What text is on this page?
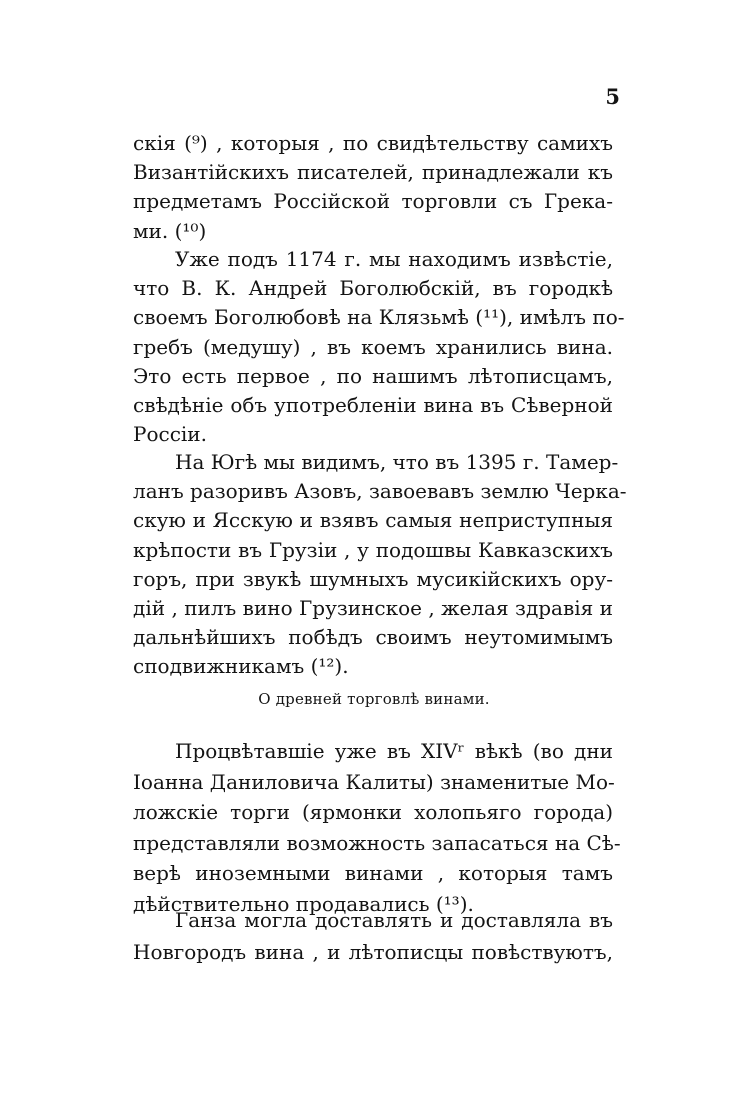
5
скія (⁹) , которыя , по свидѣтельству самихъ
Византійскихъ писателей, принадлежали къ
предметамъ Россійской торговли съ Грека-
ми. (¹⁰)
Уже подъ 1174 г. мы находимъ извѣстіе,
что В. К. Андрей Боголюбскій, въ городкѣ
своемъ Боголюбовѣ на Клязьмѣ (¹¹), имѣлъ по-
гребъ (медушу) , въ коемъ хранились вина.
Это есть первое , по нашимъ лѣтописцамъ,
свѣдѣніе объ употребленіи вина въ Сѣверной
Россіи.
На Югѣ мы видимъ, что въ 1395 г. Тамер-
ланъ разоривъ Азовъ, завоевавъ землю Черка-
скую и Ясскую и взявъ самыя неприступныя
крѣпости въ Грузіи , у подошвы Кавказскихъ
горъ, при звукѣ шумныхъ мусикійскихъ ору-
дій , пилъ вино Грузинское , желая здравія и
дальнѣйшихъ побѣдъ своимъ неутомимымъ
сподвижникамъ (¹²).

О древней торговлѣ винами.

Процвѣтавшіе уже въ XIVʳ вѣкѣ (во дни
Іоанна Даниловича Калиты) знаменитые Мо-
ложскіе торги (ярмонки холопьяго города)
представляли возможность запасаться на Сѣ-
верѣ иноземными винами , которыя тамъ
дѣйствительно продавались (¹³).
Ганза могла доставлять и доставляла въ
Новгородъ вина , и лѣтописцы повѣствуютъ,
